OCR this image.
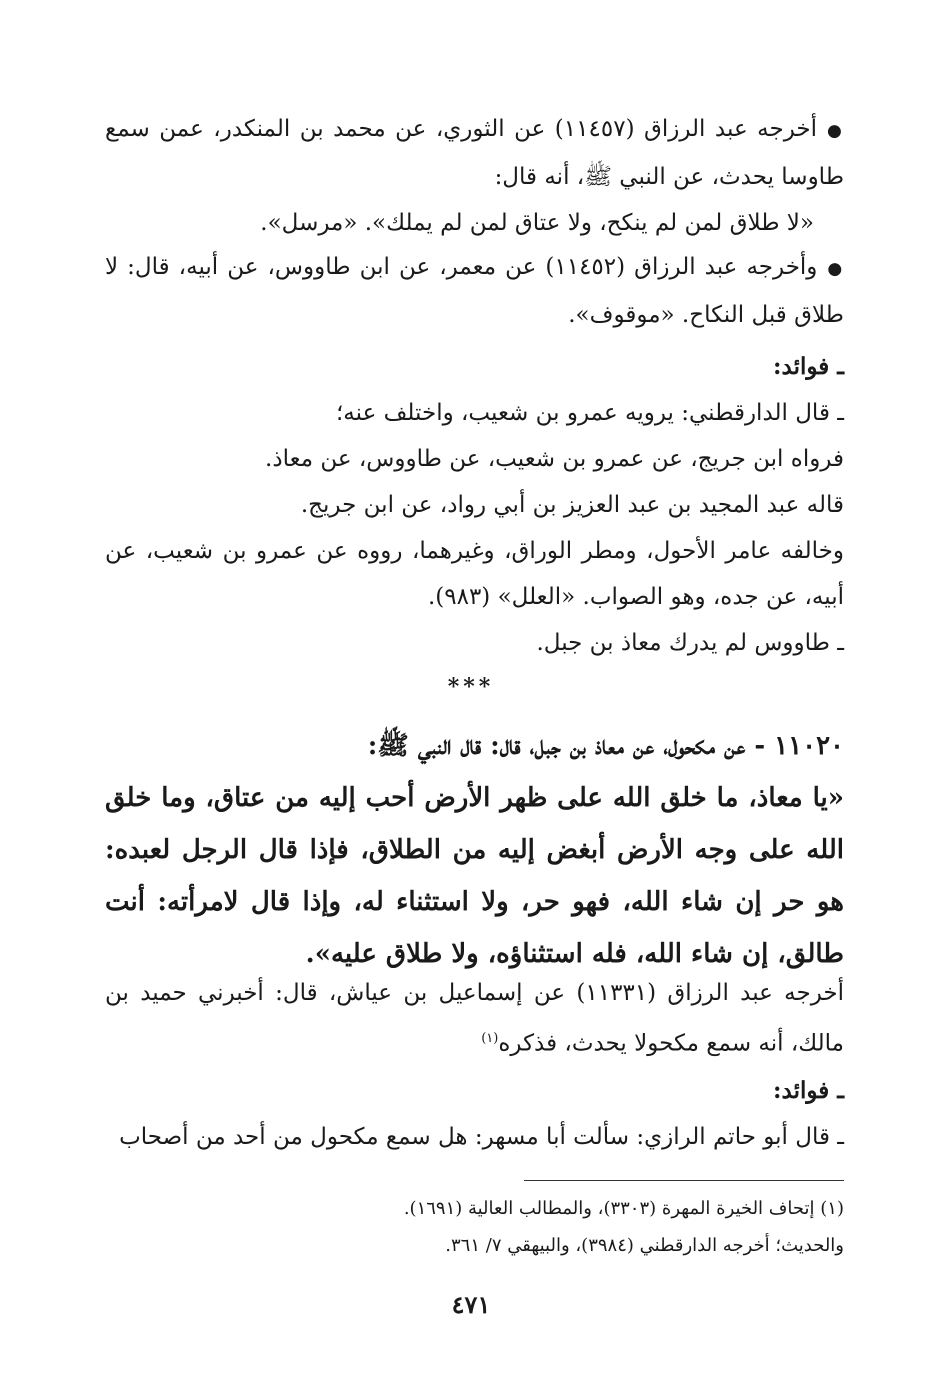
●أخرجه عبد الرزاق (١١٤٥٧) عن الثوري، عن محمد بن المنكدر، عمن سمع طاوسا يحدث، عن النبي ﷺ، أنه قال:
«لا طلاق لمن لم ينكح، ولا عتاق لمن لم يملك». «مرسل».
●وأخرجه عبد الرزاق (١١٤٥٢) عن معمر، عن ابن طاووس، عن أبيه، قال: لا طلاق قبل النكاح. «موقوف».
ـ فوائد:
ـ قال الدارقطني: يرويه عمرو بن شعيب، واختلف عنه؛
فرواه ابن جريج، عن عمرو بن شعيب، عن طاووس، عن معاذ.
قاله عبد المجيد بن عبد العزيز بن أبي رواد، عن ابن جريج.
وخالفه عامر الأحول، ومطر الوراق، وغيرهما، رووه عن عمرو بن شعيب، عن أبيه، عن جده، وهو الصواب. «العلل» (٩٨٣).
ـ طاووس لم يدرك معاذ بن جبل.
***
١١٠٢٠ - عن مكحول، عن معاذ بن جبل، قال: قال النبي ﷺ:
«يا معاذ، ما خلق الله على ظهر الأرض أحب إليه من عتاق، وما خلق الله على وجه الأرض أبغض إليه من الطلاق، فإذا قال الرجل لعبده: هو حر إن شاء الله، فهو حر، ولا استثناء له، وإذا قال لامرأته: أنت طالق، إن شاء الله، فله استثناؤه، ولا طلاق عليه».
أخرجه عبد الرزاق (١١٣٣١) عن إسماعيل بن عياش، قال: أخبرني حميد بن مالك، أنه سمع مكحولا يحدث، فذكره$^{(١)}$
ـ فوائد:
ـ قال أبو حاتم الرازي: سألت أبا مسهر: هل سمع مكحول من أحد من أصحاب
(١) إتحاف الخيرة المهرة (٣٣٠٣)، والمطالب العالية (١٦٩١).
والحديث؛ أخرجه الدارقطني (٣٩٨٤)، والبيهقي ٧/ ٣٦١.
٤٧١
